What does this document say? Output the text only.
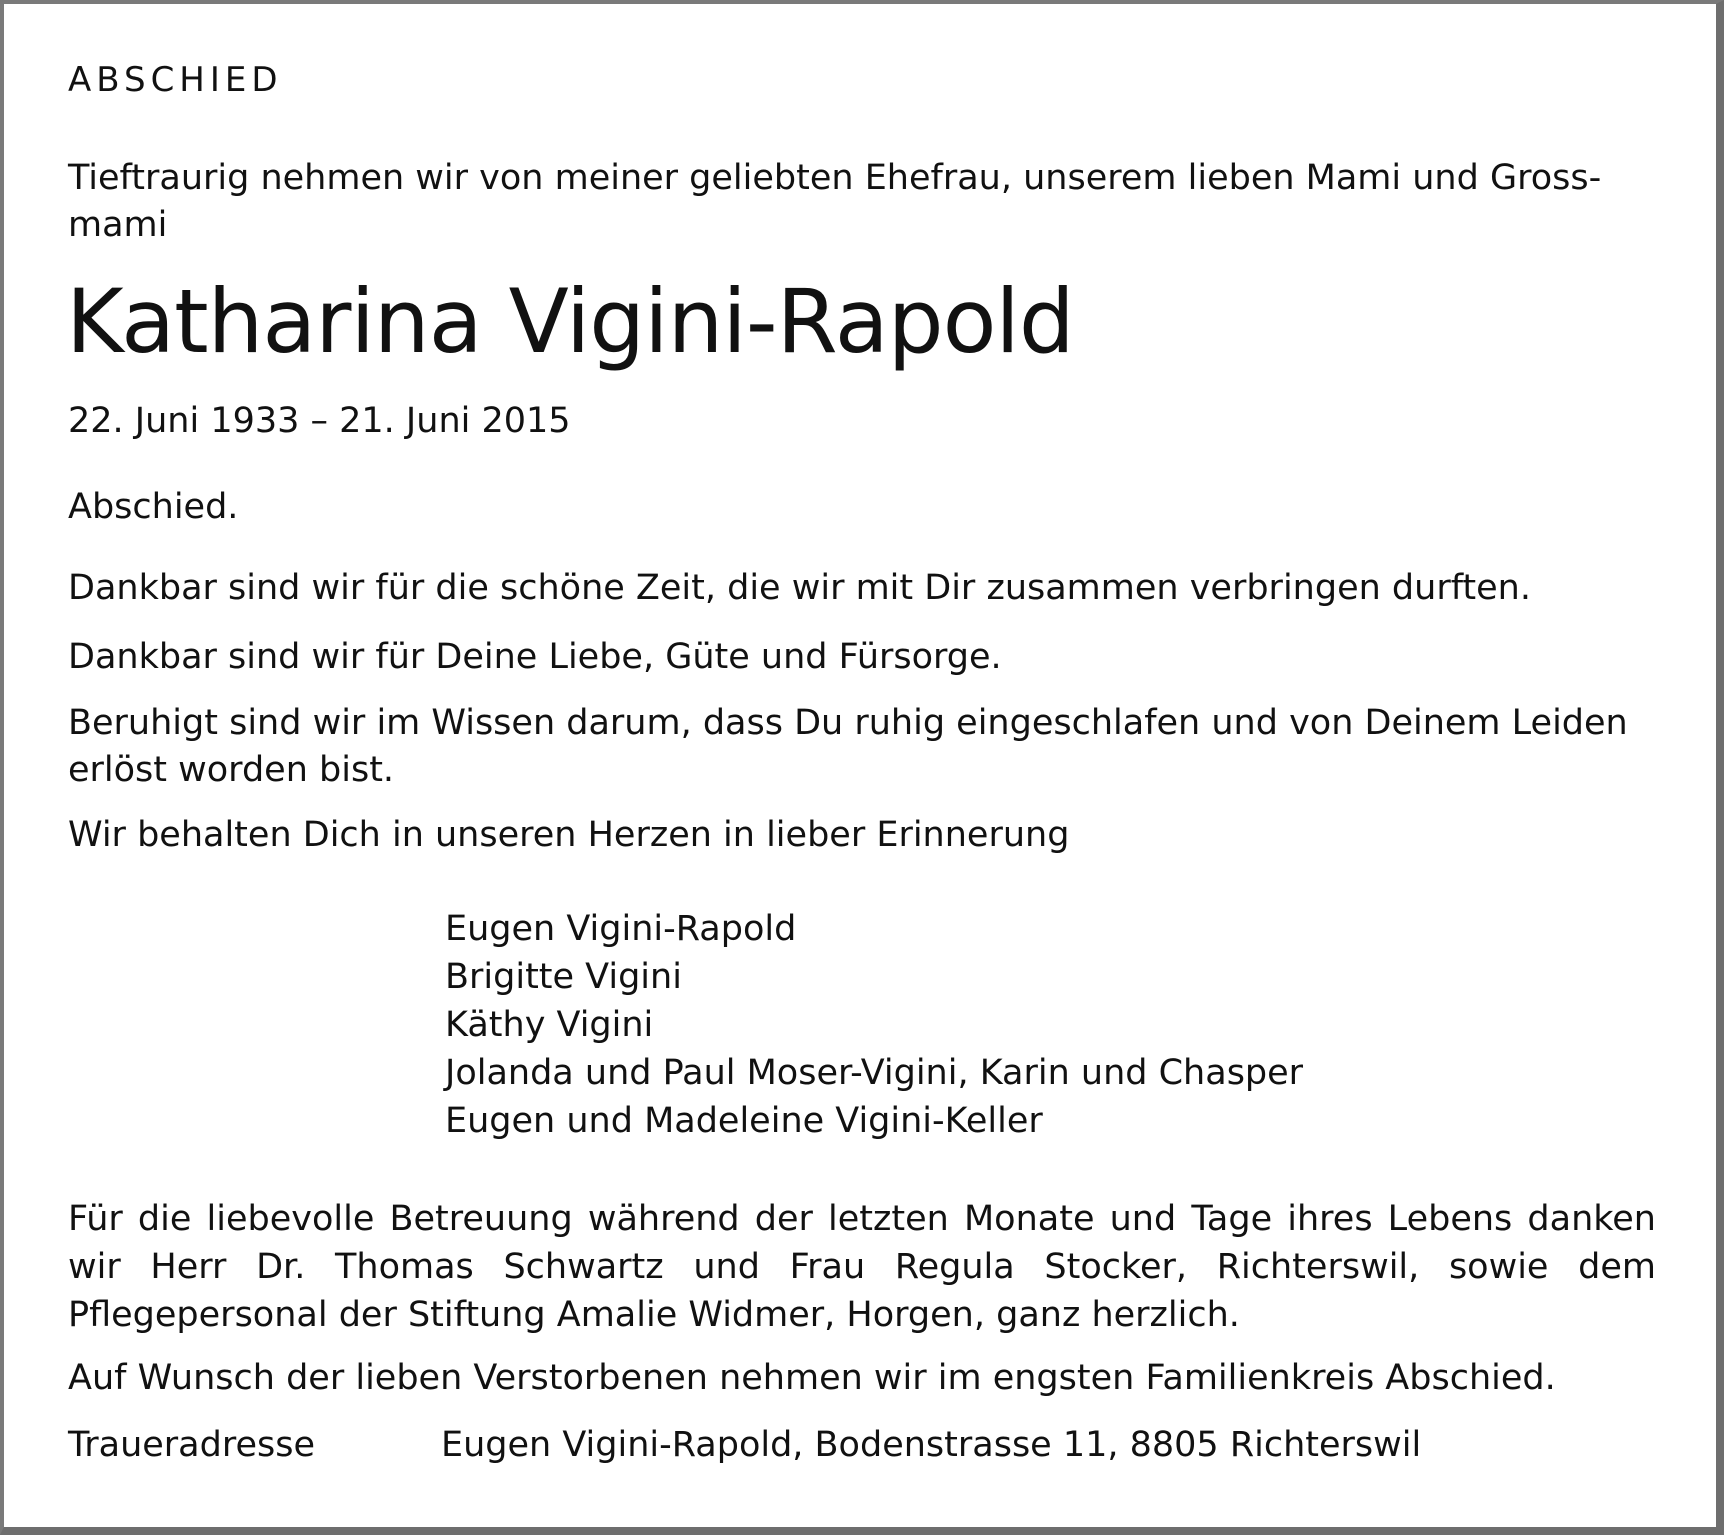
ABSCHIED

Tieftraurig nehmen wir von meiner geliebten Ehefrau, unserem lieben Mami und Gross- mami

Katharina Vigini-Rapold

22. Juni 1933 – 21. Juni 2015

Abschied.

Dankbar sind wir für die schöne Zeit, die wir mit Dir zusammen verbringen durften.

Dankbar sind wir für Deine Liebe, Güte und Fürsorge.

Beruhigt sind wir im Wissen darum, dass Du ruhig eingeschlafen und von Deinem Leiden erlöst worden bist.

Wir behalten Dich in unseren Herzen in lieber Erinnerung

Eugen Vigini-Rapold
Brigitte Vigini
Käthy Vigini
Jolanda und Paul Moser-Vigini, Karin und Chasper
Eugen und Madeleine Vigini-Keller

Für die liebevolle Betreuung während der letzten Monate und Tage ihres Lebens danken wir Herr Dr. Thomas Schwartz und Frau Regula Stocker, Richterswil, sowie dem Pflegepersonal der Stiftung Amalie Widmer, Horgen, ganz herzlich.

Auf Wunsch der lieben Verstorbenen nehmen wir im engsten Familienkreis Abschied.

Traueradresse	Eugen Vigini-Rapold, Bodenstrasse 11, 8805 Richterswil
